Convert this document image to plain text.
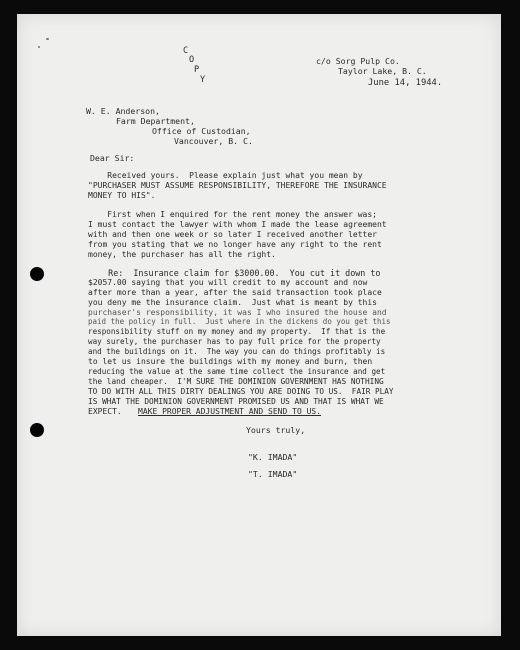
C
O
P
Y
c/o Sorg Pulp Co.
Taylor Lake, B. C.
June 14, 1944.
W. E. Anderson,
Farm Department,
Office of Custodian,
Vancouver, B. C.
Dear Sir:
Received yours.  Please explain just what you mean by
"PURCHASER MUST ASSUME RESPONSIBILITY, THEREFORE THE INSURANCE
MONEY TO HIS".
First when I enquired for the rent money the answer was;
I must contact the lawyer with whom I made the lease agreement
with and then one week or so later I received another letter
from you stating that we no longer have any right to the rent
money, the purchaser has all the right.
Re:  Insurance claim for $3000.00.  You cut it down to
$2057.00 saying that you will credit to my account and now
after more than a year, after the said transaction took place
you deny me the insurance claim.  Just what is meant by this
purchaser's responsibility, it was I who insured the house and
paid the policy in full.  Just where in the dickens do you get this
responsibility stuff on my money and my property.  If that is the
way surely, the purchaser has to pay full price for the property
and the buildings on it.  The way you can do things profitably is
to let us insure the buildings with my money and burn, then
reducing the value at the same time collect the insurance and get
the land cheaper.  I'M SURE THE DOMINION GOVERNMENT HAS NOTHING
TO DO WITH ALL THIS DIRTY DEALINGS YOU ARE DOING TO US.  FAIR PLAY
IS WHAT THE DOMINION GOVERNMENT PROMISED US AND THAT IS WHAT WE
EXPECT. MAKE PROPER ADJUSTMENT AND SEND TO US.
Yours truly,
"K. IMADA"
"T. IMADA"
